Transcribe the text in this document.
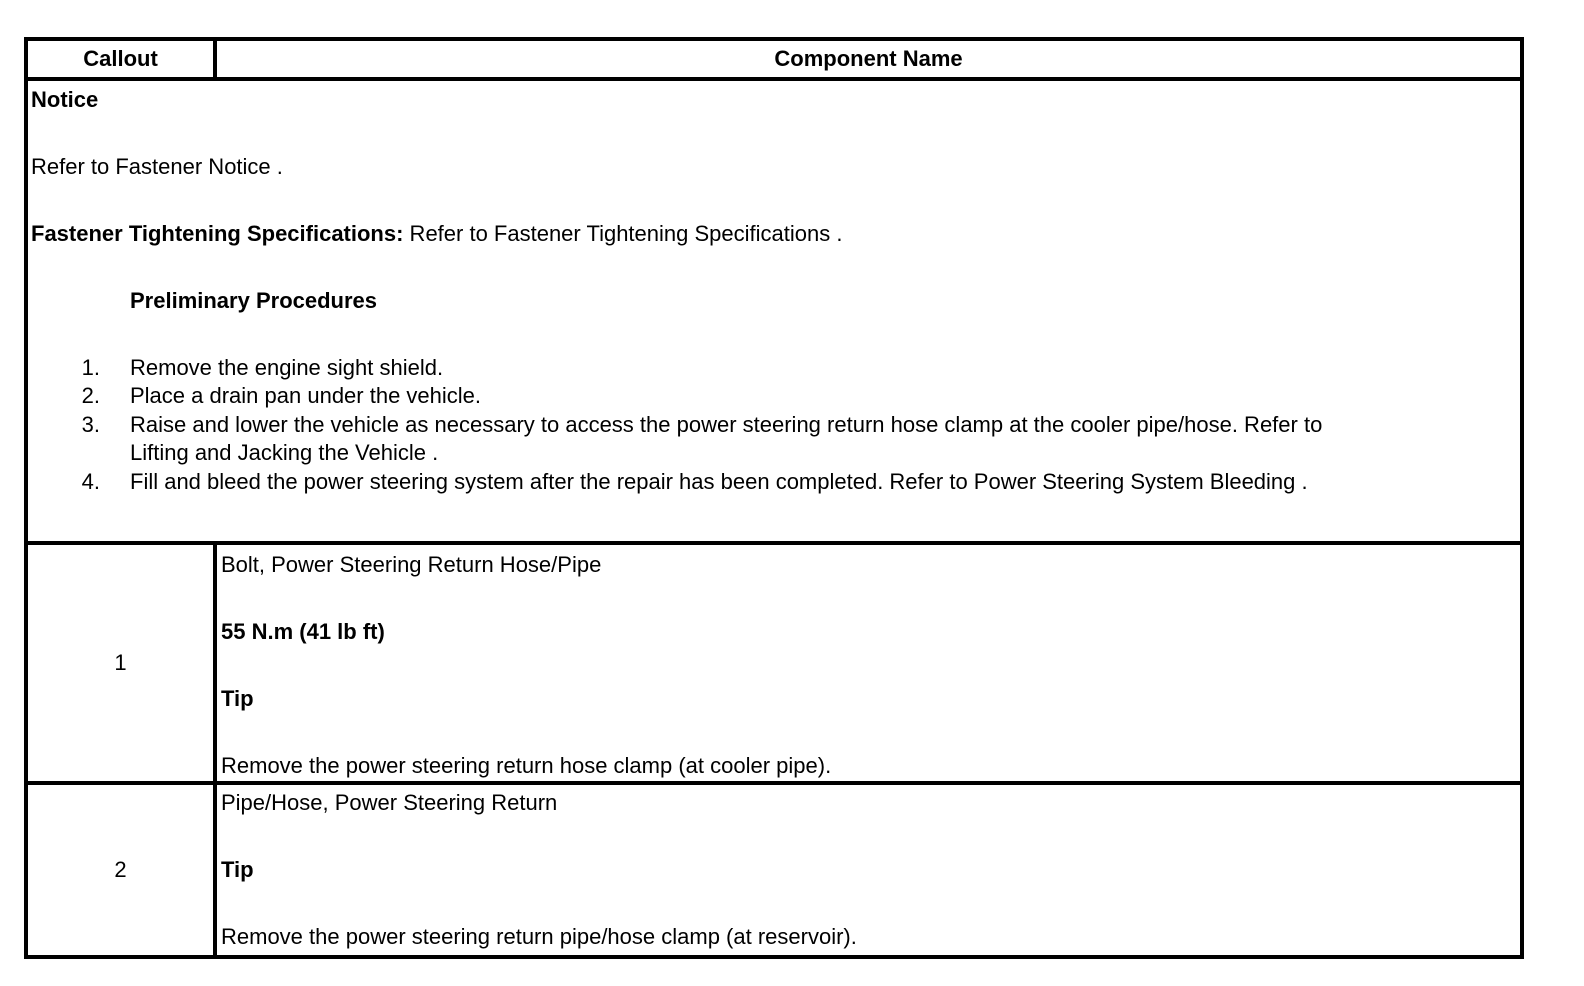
Callout	Component Name
Notice
Refer to Fastener Notice .
Fastener Tightening Specifications: Refer to Fastener Tightening Specifications .
Preliminary Procedures
1. Remove the engine sight shield.
2. Place a drain pan under the vehicle.
3. Raise and lower the vehicle as necessary to access the power steering return hose clamp at the cooler pipe/hose. Refer to
Lifting and Jacking the Vehicle .
4. Fill and bleed the power steering system after the repair has been completed. Refer to Power Steering System Bleeding .
1
Bolt, Power Steering Return Hose/Pipe
55 N.m (41 lb ft)
Tip
Remove the power steering return hose clamp (at cooler pipe).
2
Pipe/Hose, Power Steering Return
Tip
Remove the power steering return pipe/hose clamp (at reservoir).
